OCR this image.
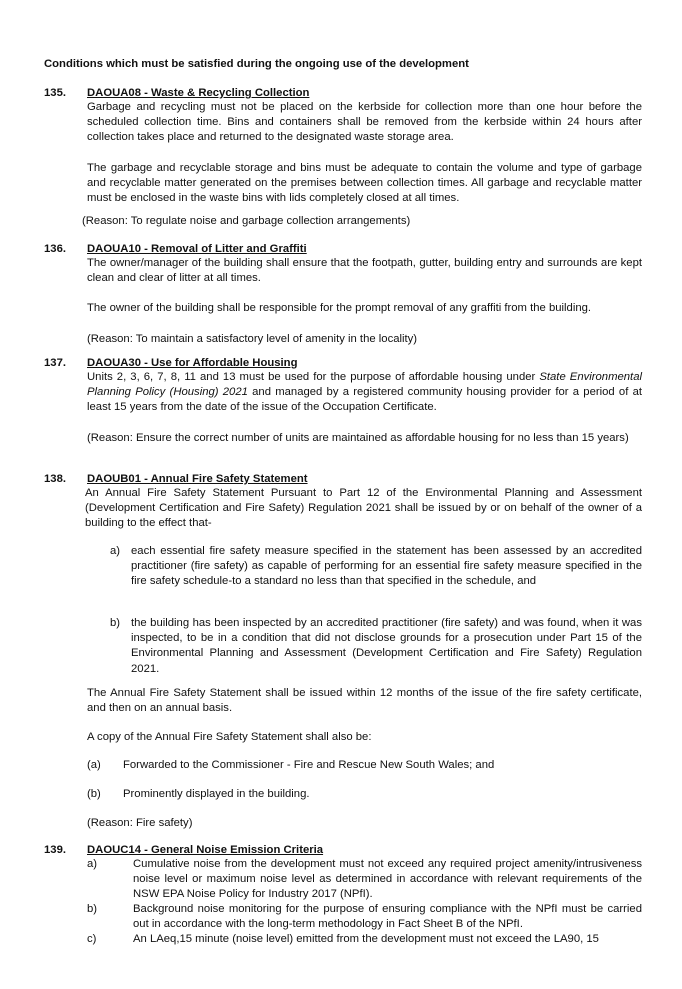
Conditions which must be satisfied during the ongoing use of the development
135. DAOUA08 - Waste & Recycling Collection

Garbage and recycling must not be placed on the kerbside for collection more than one hour before the scheduled collection time. Bins and containers shall be removed from the kerbside within 24 hours after collection takes place and returned to the designated waste storage area.

The garbage and recyclable storage and bins must be adequate to contain the volume and type of garbage and recyclable matter generated on the premises between collection times. All garbage and recyclable matter must be enclosed in the waste bins with lids completely closed at all times.

(Reason: To regulate noise and garbage collection arrangements)
136. DAOUA10 - Removal of Litter and Graffiti

The owner/manager of the building shall ensure that the footpath, gutter, building entry and surrounds are kept clean and clear of litter at all times.

The owner of the building shall be responsible for the prompt removal of any graffiti from the building.

(Reason: To maintain a satisfactory level of amenity in the locality)

137. DAOUA30 - Use for Affordable Housing

Units 2, 3, 6, 7, 8, 11 and 13 must be used for the purpose of affordable housing under State Environmental Planning Policy (Housing) 2021 and managed by a registered community housing provider for a period of at least 15 years from the date of the issue of the Occupation Certificate.

(Reason: Ensure the correct number of units are maintained as affordable housing for no less than 15 years)

138. DAOUB01 - Annual Fire Safety Statement

An Annual Fire Safety Statement Pursuant to Part 12 of the Environmental Planning and Assessment (Development Certification and Fire Safety) Regulation 2021 shall be issued by or on behalf of the owner of a building to the effect that-

a) each essential fire safety measure specified in the statement has been assessed by an accredited practitioner (fire safety) as capable of performing for an essential fire safety measure specified in the fire safety schedule-to a standard no less than that specified in the schedule, and
b) the building has been inspected by an accredited practitioner (fire safety) and was found, when it was inspected, to be in a condition that did not disclose grounds for a prosecution under Part 15 of the Environmental Planning and Assessment (Development Certification and Fire Safety) Regulation 2021.
The Annual Fire Safety Statement shall be issued within 12 months of the issue of the fire safety certificate, and then on an annual basis.
A copy of the Annual Fire Safety Statement shall also be:
(a) Forwarded to the Commissioner - Fire and Rescue New South Wales; and
(b) Prominently displayed in the building.
(Reason: Fire safety)
139. DAOUC14 - General Noise Emission Criteria
a)	Cumulative noise from the development must not exceed any required project amenity/intrusiveness noise level or maximum noise level as determined in accordance with relevant requirements of the NSW EPA Noise Policy for Industry 2017 (NPfI).
b)	Background noise monitoring for the purpose of ensuring compliance with the NPfI must be carried out in accordance with the long-term methodology in Fact Sheet B of the NPfI.
c)	An LAeq,15 minute (noise level) emitted from the development must not exceed the LA90, 15
